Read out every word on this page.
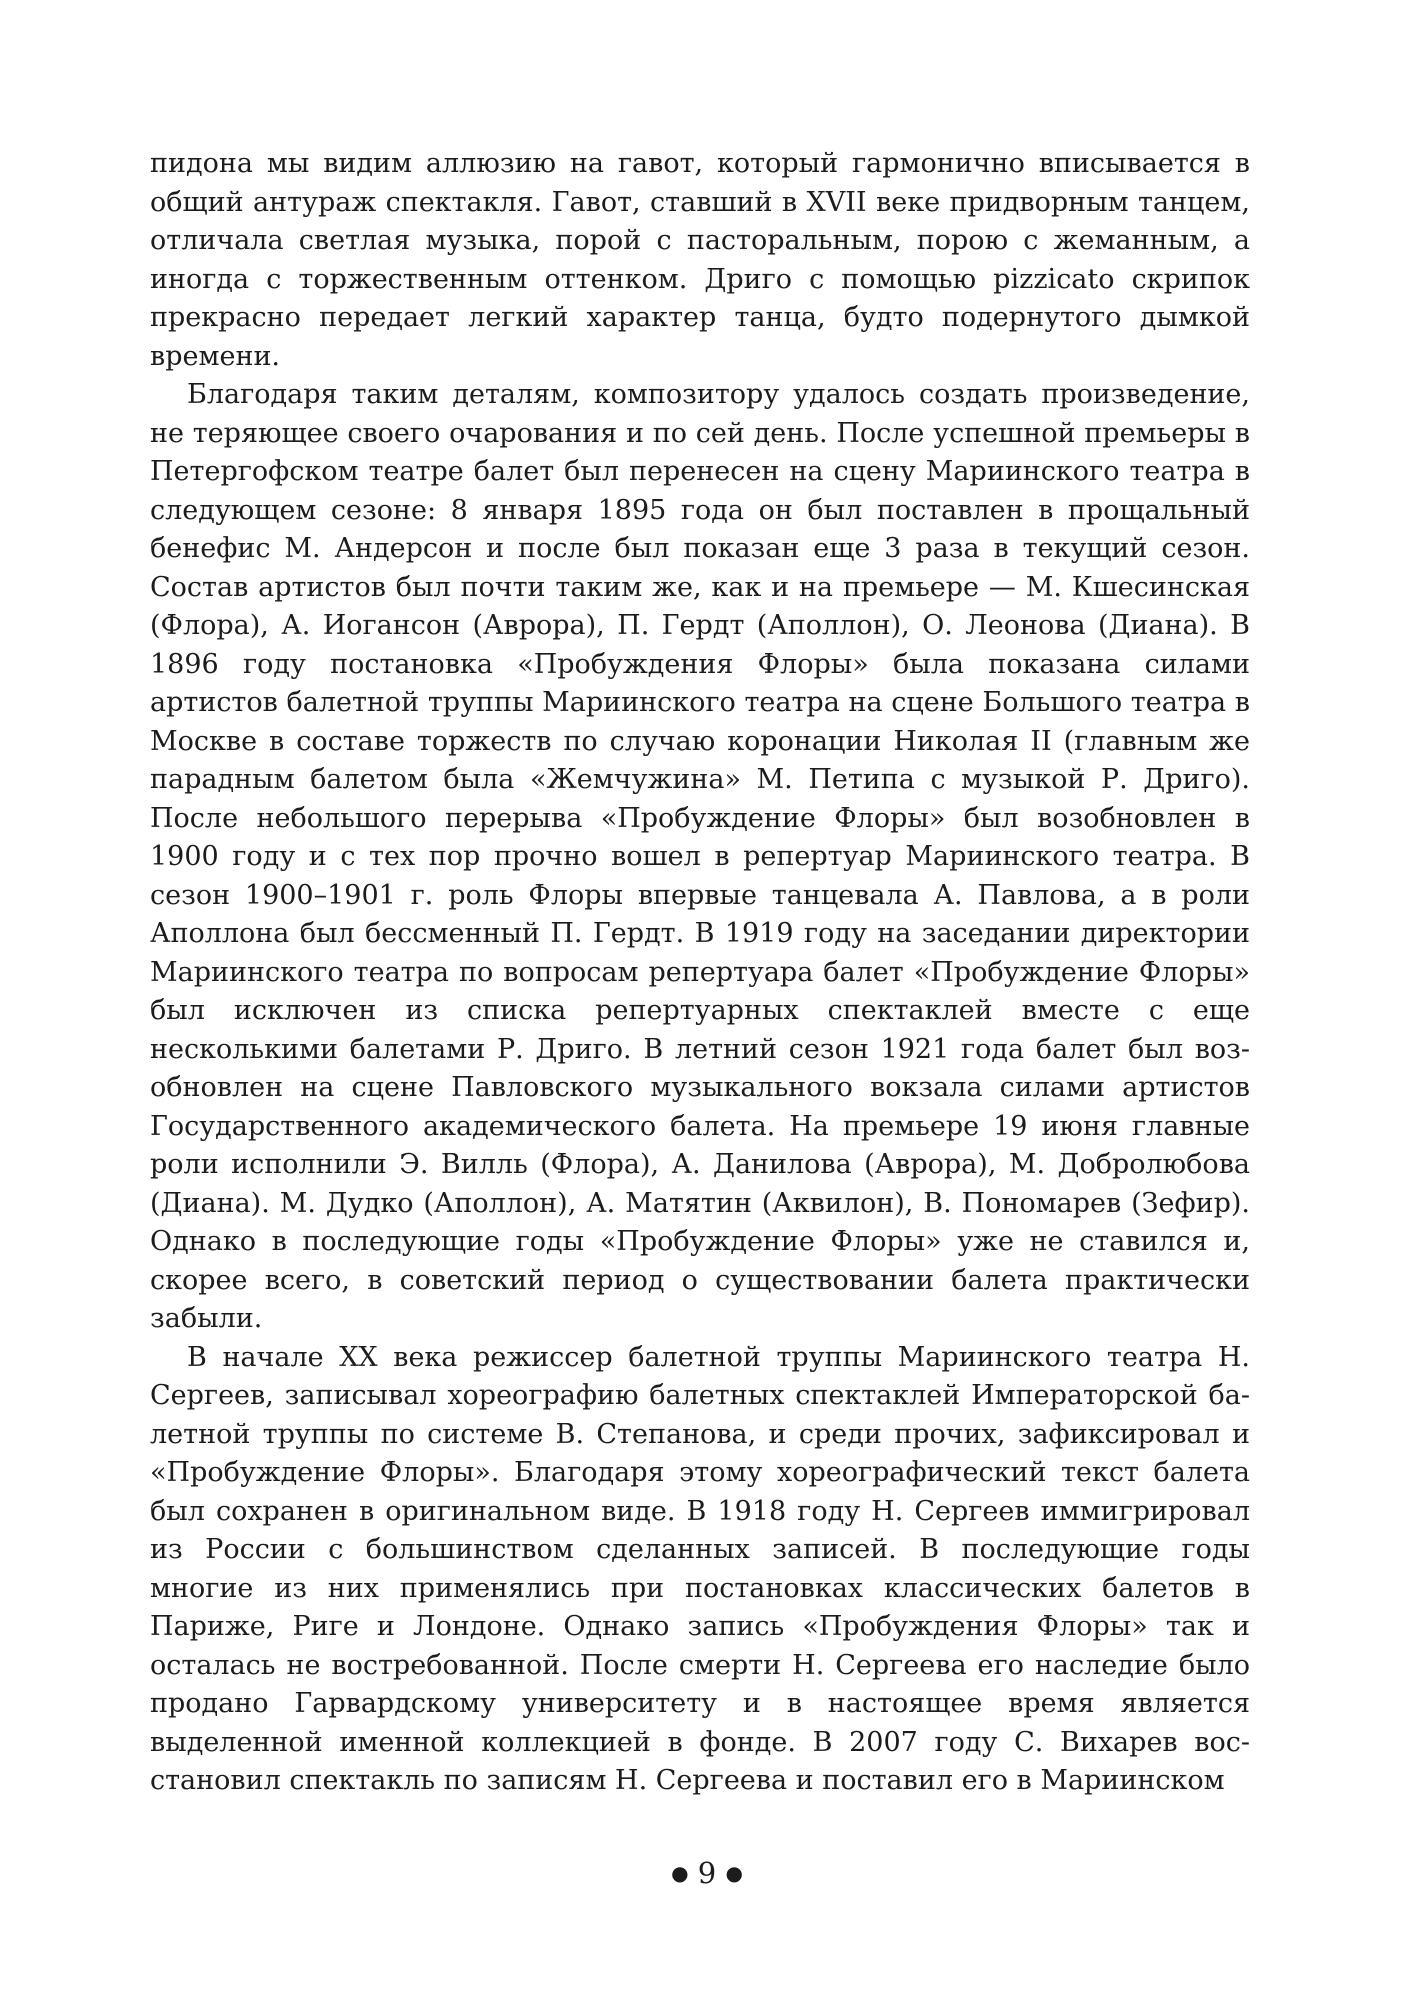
пидона мы видим аллюзию на гавот, который гармонично вписывается в общий антураж спектакля. Гавот, ставший в XVII веке придворным танцем, отличала светлая музыка, порой с пасторальным, порою с жеманным, а иногда с торжественным оттенком. Дриго с помощью pizzicato скрипок прекрасно передает легкий характер танца, будто подернутого дымкой времени.

Благодаря таким деталям, композитору удалось создать произведение, не теряющее своего очарования и по сей день. После успешной премьеры в Петергофском театре балет был перенесен на сцену Мариинского театра в следующем сезоне: 8 января 1895 года он был поставлен в прощальный бенефис М. Андерсон и после был показан еще 3 раза в текущий сезон. Состав артистов был почти таким же, как и на премьере — М. Кшесинская (Флора), А. Иогансон (Аврора), П. Гердт (Аполлон), О. Леонова (Диана). В 1896 году постановка «Пробуждения Флоры» была показана силами артистов балетной труппы Мариинского театра на сцене Большого театра в Москве в составе торжеств по случаю коронации Николая II (главным же парадным балетом была «Жемчужина» М. Петипа с музыкой Р. Дриго). После небольшого перерыва «Пробуждение Флоры» был возобновлен в 1900 году и с тех пор прочно вошел в репертуар Мариинского театра. В сезон 1900–1901 г. роль Флоры впервые танцевала А. Павлова, а в роли Аполлона был бессменный П. Гердт. В 1919 году на заседании директории Мариинского театра по вопросам репертуара балет «Пробуждение Флоры» был исключен из списка репертуарных спектаклей вместе с еще несколькими балетами Р. Дриго. В летний сезон 1921 года балет был возобновлен на сцене Павловского музыкального вокзала силами артистов Государственного академического балета. На премьере 19 июня главные роли исполнили Э. Вилль (Флора), А. Данилова (Аврора), М. Добролюбова (Диана). М. Дудко (Аполлон), А. Матятин (Аквилон), В. Пономарев (Зефир). Однако в последующие годы «Пробуждение Флоры» уже не ставился и, скорее всего, в советский период о существовании балета практически забыли.

В начале XX века режиссер балетной труппы Мариинского театра Н. Сергеев, записывал хореографию балетных спектаклей Императорской балетной труппы по системе В. Степанова, и среди прочих, зафиксировал и «Пробуждение Флоры». Благодаря этому хореографический текст балета был сохранен в оригинальном виде. В 1918 году Н. Сергеев иммигрировал из России с большинством сделанных записей. В последующие годы многие из них применялись при постановках классических балетов в Париже, Риге и Лондоне. Однако запись «Пробуждения Флоры» так и осталась не востребованной. После смерти Н. Сергеева его наследие было продано Гарвардскому университету и в настоящее время является выделенной именной коллекцией в фонде. В 2007 году С. Вихарев восстановил спектакль по записям Н. Сергеева и поставил его в Мариинском

● 9 ●
